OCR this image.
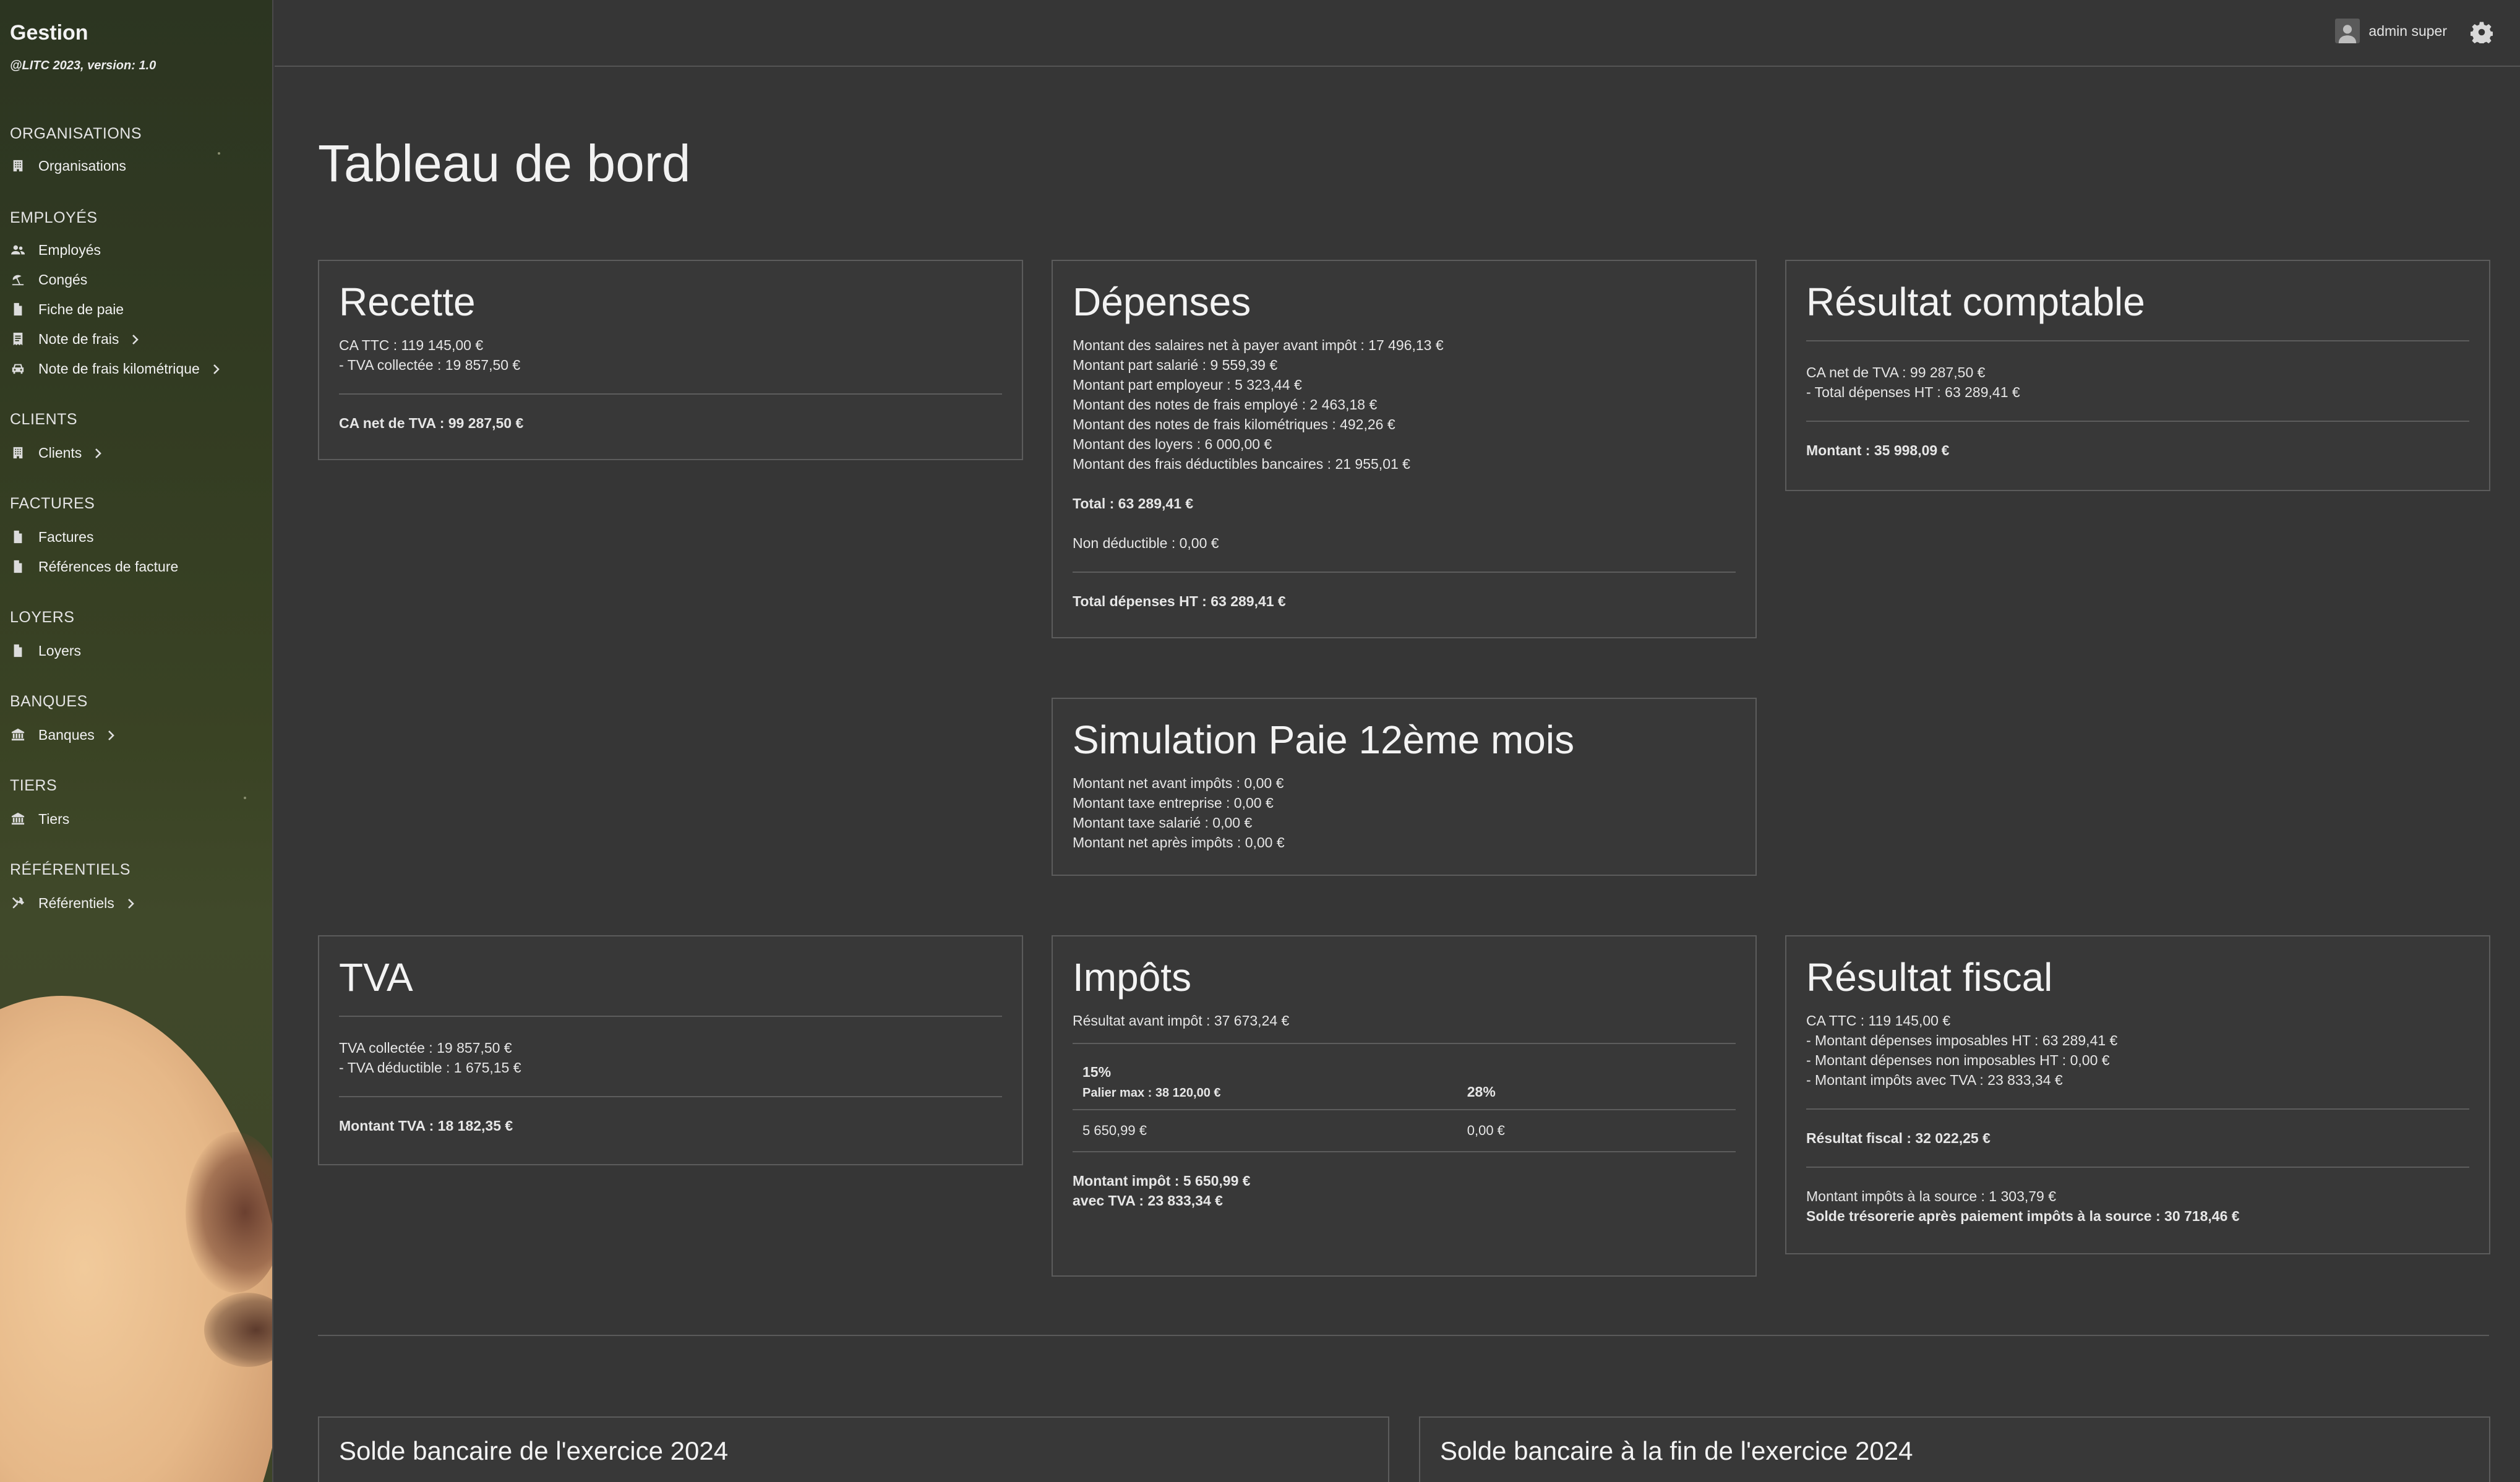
Gestion
@LITC 2023, version: 1.0
ORGANISATIONS
Organisations
EMPLOYÉS
Employés
Congés
Fiche de paie
Note de frais
Note de frais kilométrique
CLIENTS
Clients
FACTURES
Factures
Références de facture
LOYERS
Loyers
BANQUES
Banques
TIERS
Tiers
RÉFÉRENTIELS
Référentiels
admin super
Tableau de bord
Recette
CA TTC : 119 145,00 €
- TVA collectée : 19 857,50 €
CA net de TVA : 99 287,50 €
Dépenses
Montant des salaires net à payer avant impôt : 17 496,13 €
Montant part salarié : 9 559,39 €
Montant part employeur : 5 323,44 €
Montant des notes de frais employé : 2 463,18 €
Montant des notes de frais kilométriques : 492,26 €
Montant des loyers : 6 000,00 €
Montant des frais déductibles bancaires : 21 955,01 €
Total : 63 289,41 €
Non déductible : 0,00 €
Total dépenses HT : 63 289,41 €
Résultat comptable
CA net de TVA : 99 287,50 €
- Total dépenses HT : 63 289,41 €
Montant : 35 998,09 €
Simulation Paie 12ème mois
Montant net avant impôts : 0,00 €
Montant taxe entreprise : 0,00 €
Montant taxe salarié : 0,00 €
Montant net après impôts : 0,00 €
TVA
TVA collectée : 19 857,50 €
- TVA déductible : 1 675,15 €
Montant TVA : 18 182,35 €
Impôts
Résultat avant impôt : 37 673,24 €
15%
Palier max : 38 120,00 €	28%

5 650,99 €	0,00 €
Montant impôt : 5 650,99 €
avec TVA : 23 833,34 €
Résultat fiscal
CA TTC : 119 145,00 €
- Montant dépenses imposables HT : 63 289,41 €
- Montant dépenses non imposables HT : 0,00 €
- Montant impôts avec TVA : 23 833,34 €
Résultat fiscal : 32 022,25 €
Montant impôts à la source : 1 303,79 €
Solde trésorerie après paiement impôts à la source : 30 718,46 €
Solde bancaire de l'exercice 2024	Solde bancaire à la fin de l'exercice 2024
